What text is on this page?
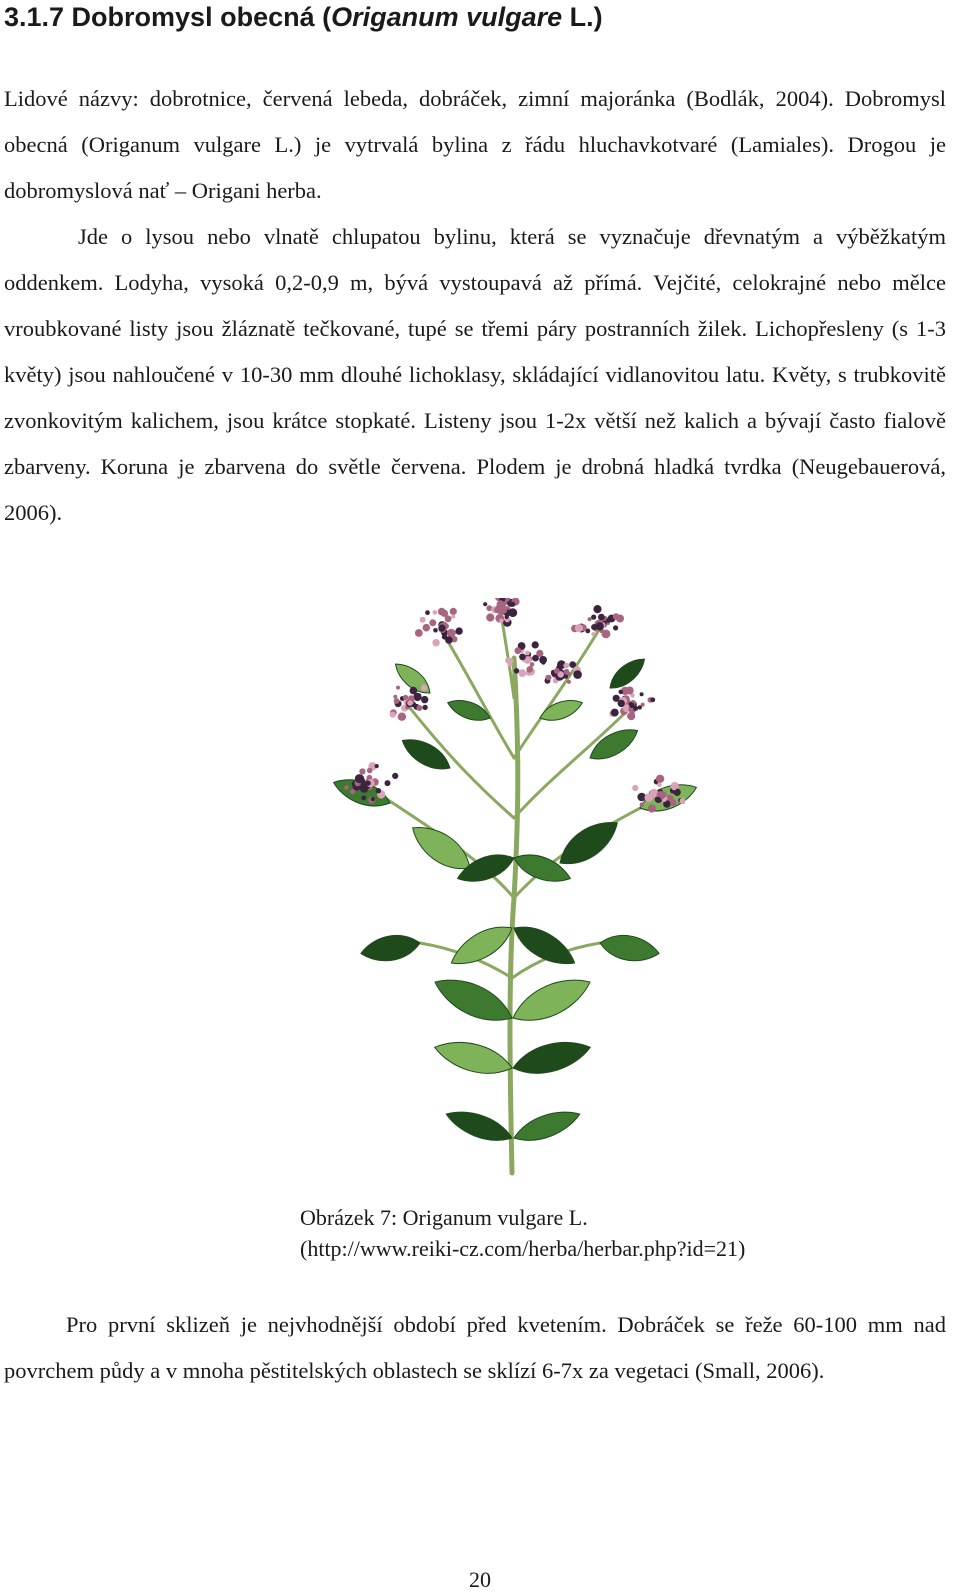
3.1.7 Dobromysl obecná (Origanum vulgare L.)

Lidové názvy: dobrotnice, červená lebeda, dobráček, zimní majoránka (Bodlák, 2004). Dobromysl obecná (Origanum vulgare L.) je vytrvalá bylina z řádu hluchavkotvaré (Lamiales). Drogou je dobromyslová nať – Origani herba.
Jde o lysou nebo vlnatě chlupatou bylinu, která se vyznačuje dřevnatým a výběžkatým oddenkem. Lodyha, vysoká 0,2-0,9 m, bývá vystoupavá až přímá. Vejčité, celokrajné nebo mělce vroubkované listy jsou žláznatě tečkované, tupé se třemi páry postranních žilek. Lichopřesleny (s 1-3 květy) jsou nahloučené v 10-30 mm dlouhé lichoklasy, skládající vidlanovitou latu. Květy, s trubkovitě zvonkovitým kalichem, jsou krátce stopkaté. Listeny jsou 1-2x větší než kalich a bývají často fialově zbarveny. Koruna je zbarvena do světle červena. Plodem je drobná hladká tvrdka (Neugebauerová, 2006).

Obrázek 7: Origanum vulgare L.
(http://www.reiki-cz.com/herba/herbar.php?id=21)

Pro první sklizeň je nejvhodnější období před kvetením. Dobráček se řeže 60-100 mm nad povrchem půdy a v mnoha pěstitelských oblastech se sklízí 6-7x za vegetaci (Small, 2006).

20
